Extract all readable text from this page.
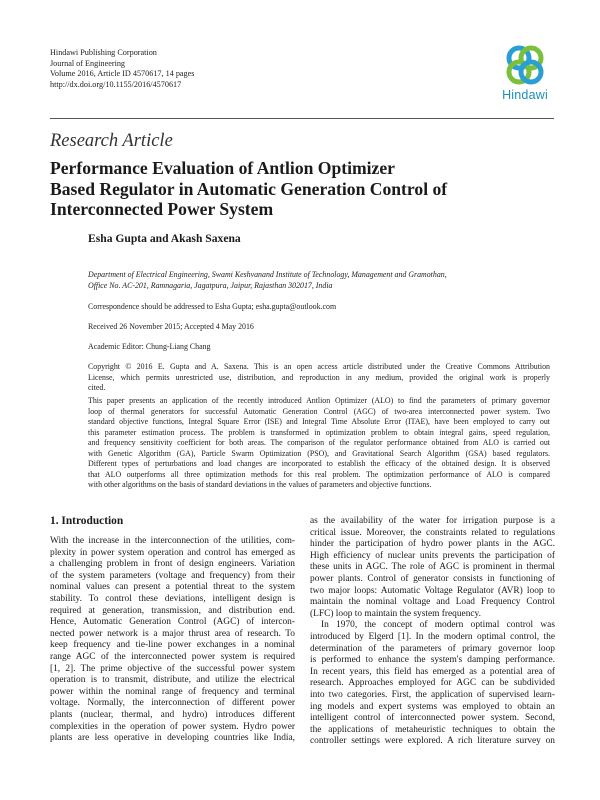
Hindawi Publishing Corporation
Journal of Engineering
Volume 2016, Article ID 4570617, 14 pages
http://dx.doi.org/10.1155/2016/4570617
Hindawi
Research Article
Performance Evaluation of Antlion Optimizer
Based Regulator in Automatic Generation Control of
Interconnected Power System
Esha Gupta and Akash Saxena
Department of Electrical Engineering, Swami Keshvanand Institute of Technology, Management and Gramothan,
Office No. AC-201, Ramnagaria, Jagatpura, Jaipur, Rajasthan 302017, India
Correspondence should be addressed to Esha Gupta; esha.gupta@outlook.com
Received 26 November 2015; Accepted 4 May 2016
Academic Editor: Chung-Liang Chang
Copyright © 2016 E. Gupta and A. Saxena. This is an open access article distributed under the Creative Commons Attribution
License, which permits unrestricted use, distribution, and reproduction in any medium, provided the original work is properly
cited.
This paper presents an application of the recently introduced Antlion Optimizer (ALO) to find the parameters of primary governor
loop of thermal generators for successful Automatic Generation Control (AGC) of two-area interconnected power system. Two
standard objective functions, Integral Square Error (ISE) and Integral Time Absolute Error (ITAE), have been employed to carry out
this parameter estimation process. The problem is transformed in optimization problem to obtain integral gains, speed regulation,
and frequency sensitivity coefficient for both areas. The comparison of the regulator performance obtained from ALO is carried out
with Genetic Algorithm (GA), Particle Swarm Optimization (PSO), and Gravitational Search Algorithm (GSA) based regulators.
Different types of perturbations and load changes are incorporated to establish the efficacy of the obtained design. It is observed
that ALO outperforms all three optimization methods for this real problem. The optimization performance of ALO is compared
with other algorithms on the basis of standard deviations in the values of parameters and objective functions.
1. Introduction
With the increase in the interconnection of the utilities, com-
plexity in power system operation and control has emerged as
a challenging problem in front of design engineers. Variation
of the system parameters (voltage and frequency) from their
nominal values can present a potential threat to the system
stability. To control these deviations, intelligent design is
required at generation, transmission, and distribution end.
Hence, Automatic Generation Control (AGC) of intercon-
nected power network is a major thrust area of research. To
keep frequency and tie-line power exchanges in a nominal
range AGC of the interconnected power system is required
[1, 2]. The prime objective of the successful power system
operation is to transmit, distribute, and utilize the electrical
power within the nominal range of frequency and terminal
voltage. Normally, the interconnection of different power
plants (nuclear, thermal, and hydro) introduces different
complexities in the operation of power system. Hydro power
plants are less operative in developing countries like India,
as the availability of the water for irrigation purpose is a
critical issue. Moreover, the constraints related to regulations
hinder the participation of hydro power plants in the AGC.
High efficiency of nuclear units prevents the participation of
these units in AGC. The role of AGC is prominent in thermal
power plants. Control of generator consists in functioning of
two major loops: Automatic Voltage Regulator (AVR) loop to
maintain the nominal voltage and Load Frequency Control
(LFC) loop to maintain the system frequency.
In 1970, the concept of modern optimal control was
introduced by Elgerd [1]. In the modern optimal control, the
determination of the parameters of primary governor loop
is performed to enhance the system's damping performance.
In recent years, this field has emerged as a potential area of
research. Approaches employed for AGC can be subdivided
into two categories. First, the application of supervised learn-
ing models and expert systems was employed to obtain an
intelligent control of interconnected power system. Second,
the applications of metaheuristic techniques to obtain the
controller settings were explored. A rich literature survey on
